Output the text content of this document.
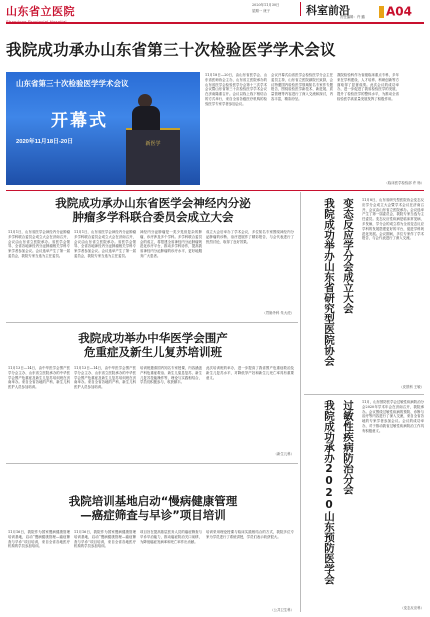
山东省立医院	2020年11月30日
星期一 庚子	科室前沿	A04
责任编辑：许 璐
我院成功承办山东省第三十次检验医学学术会议
山东省第三十次检验医学学术会议
开幕式
2020年11月18日-20日	新医学
11月18日—20日，由山东省医学会、山东省医师协会主办，山东省立医院承办的山东省医学会检验医学分会第十三次学术会议暨山东省第三十次检验医学学术会议在济南隆重召开。会议以线上线下相结合的方式举行，来自全省各级医疗机构的检验医学专家学者参加会议。
会议开幕式由省医学会检验医学分会主任委员主持，山东省立医院副院长致辞，会议特邀国内检验医学领域知名专家作专题报告，围绕检验医学新技术、新进展、质量管理等内容进行了深入交流和探讨，内容丰富，精彩纷呈。
我院检验科作为省级临床重点专科，多年来在学科建设、人才培养、科研创新等方面取得了显著成绩。此次会议的成功举办，进一步促进了我省检验医学的发展，提升了检验医学的整体水平，为推动全省检验医学高质量发展发挥了积极作用。
（临床医学检验部 许 杨）
我院成功承办山东省医学会神经内分泌
肿瘤多学科联合委员会成立大会
11月1日，山东省医学会神经内分泌肿瘤多学科联合委员会成立大会在济南召开，会议由山东省立医院承办。省医学会领导、全省各地神经内分泌肿瘤相关学科专家学者参加会议。会议选举产生了第一届委员会，我院专家当选为主任委员。
11月1日，山东省医学会神经内分泌肿瘤多学科联合委员会成立大会在济南召开，会议由山东省立医院承办。省医学会领导、全省各地神经内分泌肿瘤相关学科专家学者参加会议。会议选举产生了第一届委员会，我院专家当选为主任委员。
神经内分泌肿瘤是一类少见但复杂的肿瘤，诊疗涉及多个学科。多学科联合委员会的成立，将搭建全省神经内分泌肿瘤规范化诊疗平台，推动多学科协作，提高我省神经内分泌肿瘤的诊疗水平，更好地服务广大患者。
成立大会后举办了学术会议，多位知名专家围绕神经内分泌肿瘤的诊断、治疗进展作了精彩报告，与会代表进行了热烈讨论，取得了良好效果。
（胃肠外科 朱大虎）
我院成功举办中华医学会围产
危重症及新生儿复苏培训班
11月13日—14日，由中华医学会围产医学分会主办、山东省立医院承办的中华医学会围产危重症及新生儿复苏培训班在济南举办。来自全省各地的产科、新生儿科医护人员参加培训。
11月13日—14日，由中华医学会围产医学分会主办、山东省立医院承办的中华医学会围产危重症及新生儿复苏培训班在济南举办。来自全省各地的产科、新生儿科医护人员参加培训。
培训班邀请国内知名专家授课，内容涵盖产科危重症救治、新生儿窒息复苏、新生儿复苏技能操作等，理论与实践相结合，学员们积极参与，收获颇丰。
此次培训班的举办，进一步提高了我省围产危重症救治及新生儿复苏水平，对降低孕产妇和新生儿死亡率具有重要意义。
（新生儿科）
我院培训基地启动“慢病健康管理
—癌症筛查与早诊”项目培训
11月16日，我院作为国家慢病健康管理培训基地，启动“慢病健康管理—癌症筛查与早诊”项目培训，来自全省各地医疗机构的学员参加培训。
11月16日，我院作为国家慢病健康管理培训基地，启动“慢病健康管理—癌症筛查与早诊”项目培训，来自全省各地医疗机构的学员参加培训。
项目旨在提高基层医务人员的癌症筛查与早诊早治能力，推动癌症防治关口前移，为降低癌症发病率和死亡率作出贡献。
培训采用理论授课与临床实践相结合的方式，我院多位专家为学员进行了系统讲授，学员们表示收获很大。
（公共卫生科）
变态反应学分会成立大会
我院成功举办山东省研究型医院协会	11月8日，山东省研究型医院协会变态反应学分会成立大会暨学术会议在济南召开，会议由山东省立医院承办。会议选举产生了第一届委员会，我院专家当选为主任委员。变态反应性疾病是临床常见病、多发病，学分会的成立将为全省变态反应学科的发展搭建更好的平台，促进学科规范化发展。会议期间，多位专家作了学术报告，与会代表进行了深入交流。
（皮肤科 王敏）
过敏性疾病防治分会
我院成功承办2020山东预防医学会	11月，山东预防医学会过敏性疾病防治分会2020年学术年会在济南召开，我院承办。会议围绕过敏性疾病的预防、诊断与治疗等内容进行了深入交流，来自全省各地的专家学者参加会议。会议的成功举办，对于推动我省过敏性疾病防治工作具有积极意义。
（变态反应科）
